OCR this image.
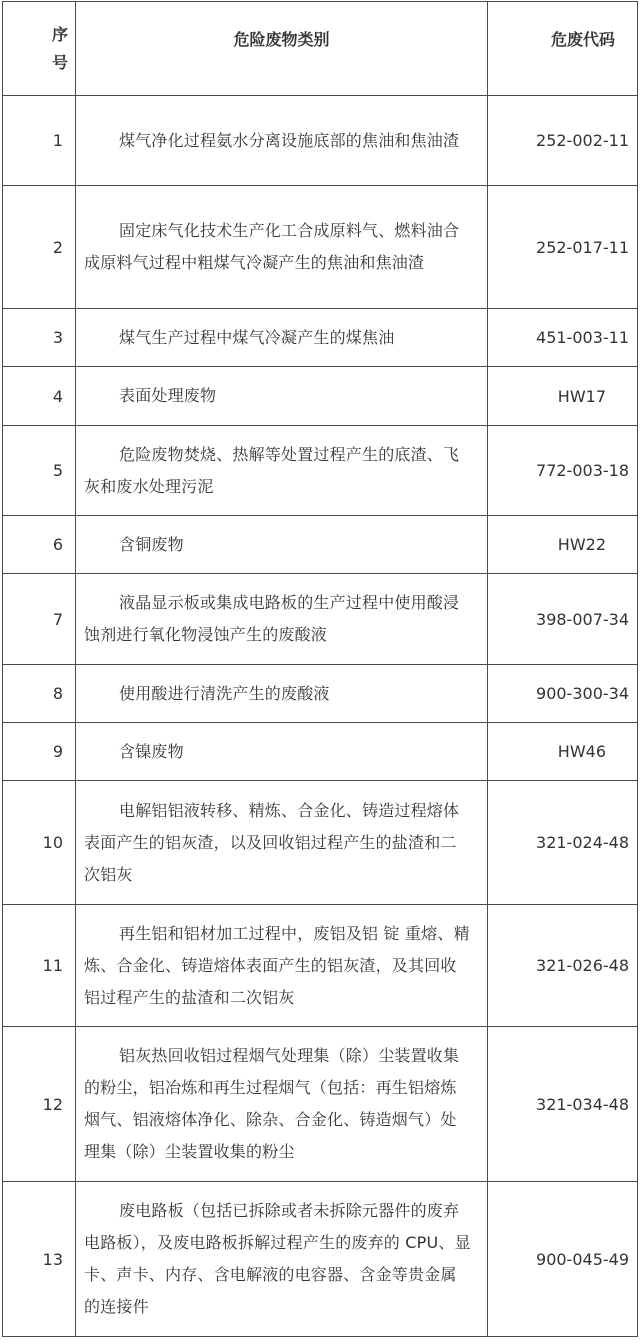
序
号	危险废物类别	危废代码
1	煤气净化过程氨水分离设施底部的焦油和焦油渣	252-002-11
2	固定床气化技术生产化工合成原料气、燃料油合成原料气过程中粗煤气冷凝产生的焦油和焦油渣	252-017-11
3	煤气生产过程中煤气冷凝产生的煤焦油	451-003-11
4	表面处理废物	HW17
5	危险废物焚烧、热解等处置过程产生的底渣、飞灰和废水处理污泥	772-003-18
6	含铜废物	HW22
7	液晶显示板或集成电路板的生产过程中使用酸浸蚀剂进行氧化物浸蚀产生的废酸液	398-007-34
8	使用酸进行清洗产生的废酸液	900-300-34
9	含镍废物	HW46
10	电解铝铝液转移、精炼、合金化、铸造过程熔体表面产生的铝灰渣，以及回收铝过程产生的盐渣和二次铝灰	321-024-48
11	再生铝和铝材加工过程中，废铝及铝 锭 重熔、精炼、合金化、铸造熔体表面产生的铝灰渣，及其回收铝过程产生的盐渣和二次铝灰	321-026-48
12	铝灰热回收铝过程烟气处理集（除）尘装置收集的粉尘，铝冶炼和再生过程烟气（包括：再生铝熔炼烟气、铝液熔体净化、除杂、合金化、铸造烟气）处理集（除）尘装置收集的粉尘	321-034-48
13	废电路板（包括已拆除或者未拆除元器件的废弃电路板），及废电路板拆解过程产生的废弃的 CPU、显卡、声卡、内存、含电解液的电容器、含金等贵金属的连接件	900-045-49
